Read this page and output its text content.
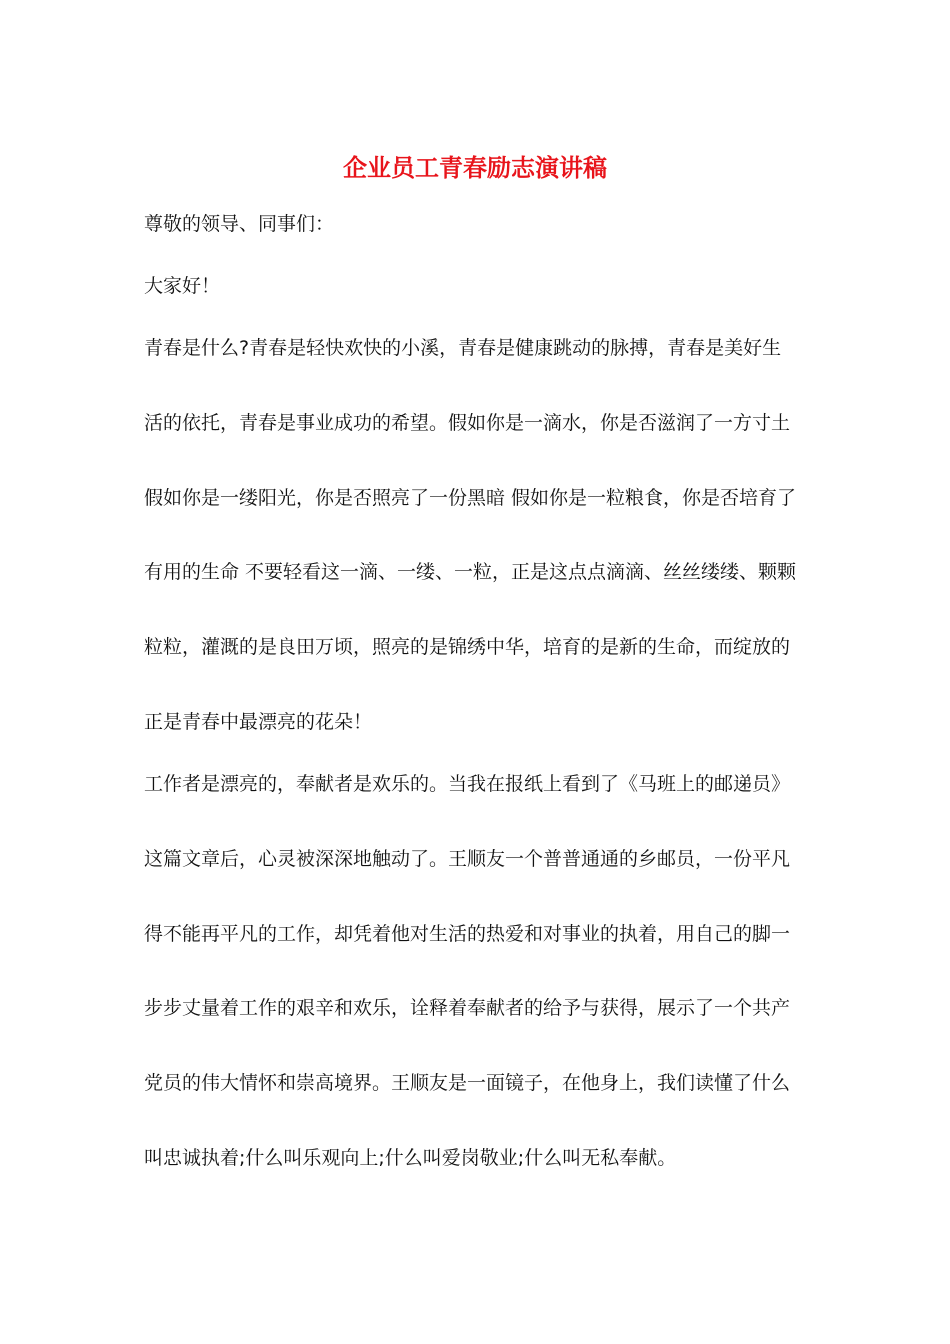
企业员工青春励志演讲稿

尊敬的领导、同事们：

大家好！

青春是什么?青春是轻快欢快的小溪，青春是健康跳动的脉搏，青春是美好生

活的依托，青春是事业成功的希望。假如你是一滴水，你是否滋润了一方寸土

假如你是一缕阳光，你是否照亮了一份黑暗 假如你是一粒粮食，你是否培育了

有用的生命 不要轻看这一滴、一缕、一粒，正是这点点滴滴、丝丝缕缕、颗颗

粒粒，灌溉的是良田万顷，照亮的是锦绣中华，培育的是新的生命，而绽放的

正是青春中最漂亮的花朵！

工作者是漂亮的，奉献者是欢乐的。当我在报纸上看到了《马班上的邮递员》

这篇文章后，心灵被深深地触动了。王顺友一个普普通通的乡邮员，一份平凡

得不能再平凡的工作，却凭着他对生活的热爱和对事业的执着，用自己的脚一

步步丈量着工作的艰辛和欢乐，诠释着奉献者的给予与获得，展示了一个共产

党员的伟大情怀和崇高境界。王顺友是一面镜子，在他身上，我们读懂了什么

叫忠诚执着;什么叫乐观向上;什么叫爱岗敬业;什么叫无私奉献。
